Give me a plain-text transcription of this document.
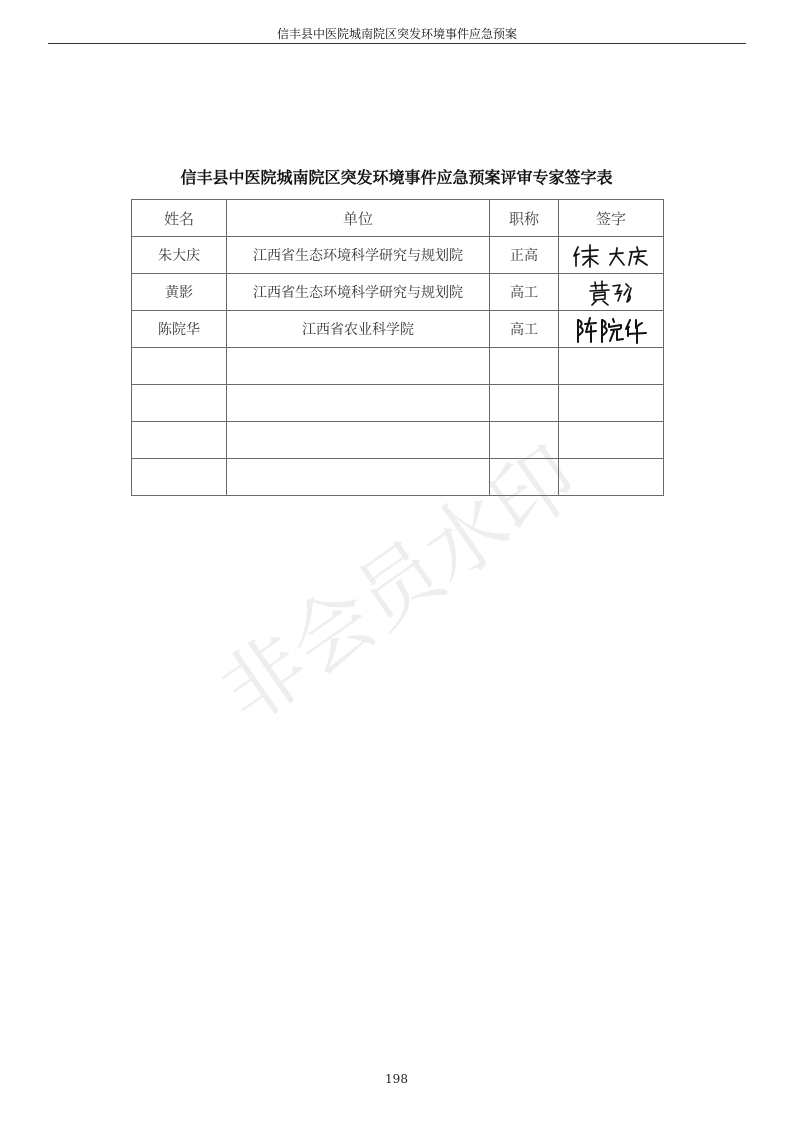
信丰县中医院城南院区突发环境事件应急预案
信丰县中医院城南院区突发环境事件应急预案评审专家签字表
姓名	单位	职称	签字
朱大庆	江西省生态环境科学研究与规划院	正高	

黄影	江西省生态环境科学研究与规划院	高工	

陈院华	江西省农业科学院	高工	

非会员水印
198
